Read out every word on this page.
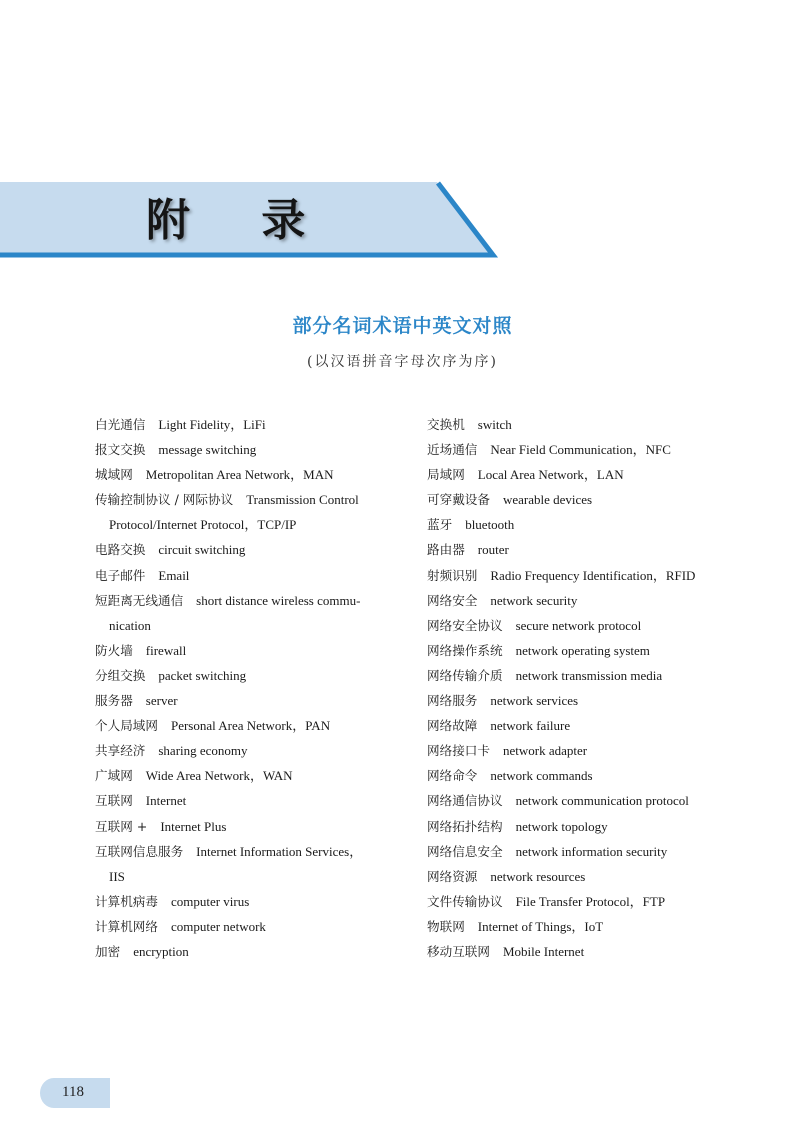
附 录
部分名词术语中英文对照
(以汉语拼音字母次序为序)
白光通信 Light Fidelity，LiFi
报文交换 message switching
城域网 Metropolitan Area Network，MAN
传输控制协议 / 网际协议 Transmission Control
Protocol/Internet Protocol，TCP/IP
电路交换 circuit switching
电子邮件 Email
短距离无线通信 short distance wireless commu-
nication
防火墙 firewall
分组交换 packet switching
服务器 server
个人局域网 Personal Area Network，PAN
共享经济 sharing economy
广域网 Wide Area Network，WAN
互联网 Internet
互联网 + Internet Plus
互联网信息服务 Internet Information Services，
IIS
计算机病毒 computer virus
计算机网络 computer network
加密 encryption
交换机 switch
近场通信 Near Field Communication，NFC
局域网 Local Area Network，LAN
可穿戴设备 wearable devices
蓝牙 bluetooth
路由器 router
射频识别 Radio Frequency Identification，RFID
网络安全 network security
网络安全协议 secure network protocol
网络操作系统 network operating system
网络传输介质 network transmission media
网络服务 network services
网络故障 network failure
网络接口卡 network adapter
网络命令 network commands
网络通信协议 network communication protocol
网络拓扑结构 network topology
网络信息安全 network information security
网络资源 network resources
文件传输协议 File Transfer Protocol，FTP
物联网 Internet of Things，IoT
移动互联网 Mobile Internet
118
